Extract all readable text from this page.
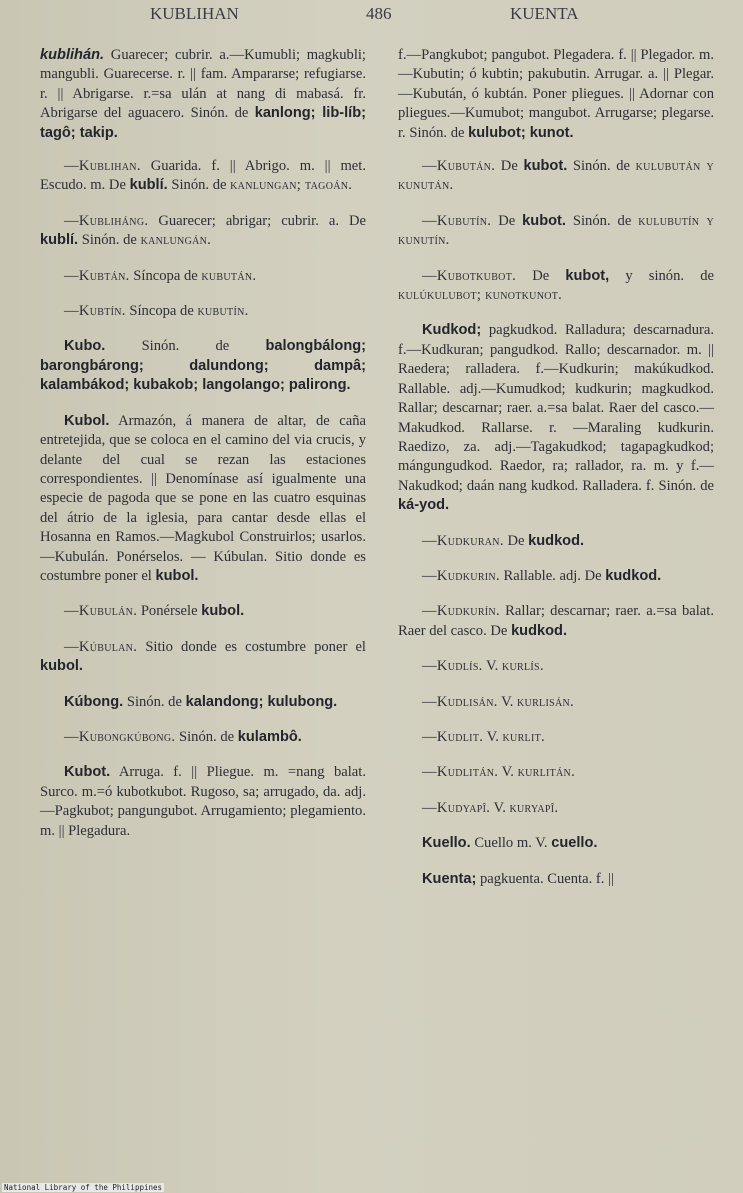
KUBLIHAN	486	KUENTA
kublihán. Guarecer; cubrir. a.—Kumubli; magkubli; mangubli. Guarecerse. r. || fam. Ampararse; refugiarse. r. || Abrigarse. r.=sa ulán at nang di mabasá. fr. Abrigarse del aguacero. Sinón. de kanlong; lib-líb; tagô; takip.
—Kublihan. Guarida. f. || Abrigo. m. || met. Escudo. m. De kublí. Sinón. de kanlungan; tagoán.
—Kubliháng. Guarecer; abrigar; cubrir. a. De kublí. Sinón. de kanlungán.
—Kubtán. Síncopa de kubután.
—Kubtín. Síncopa de kubutín.
Kubo. Sinón. de balongbálong; barongbárong; dalundong; dampâ; kalambákod; kubakob; langolango; palirong.
Kubol. Armazón, á manera de altar, de caña entretejida, que se coloca en el camino del via crucis, y delante del cual se rezan las estaciones correspondientes. || Denomínase así igualmente una especie de pagoda que se pone en las cuatro esquinas del átrio de la iglesia, para cantar desde ellas el Hosanna en Ramos.—Magkubol Construirlos; usarlos.—Kubulán. Ponérselos. — Kúbulan. Sitio donde es costumbre poner el kubol.
—Kubulán. Ponérsele kubol.
—Kúbulan. Sitio donde es costumbre poner el kubol.
Kúbong. Sinón. de kalandong; kulubong.
—Kubongkúbong. Sinón. de kulambô.
Kubot. Arruga. f. || Pliegue. m. =nang balat. Surco. m.=ó kubotkubot. Rugoso, sa; arrugado, da. adj. —Pagkubot; pangungubot. Arrugamiento; plegamiento. m. || Plegadura.
f.—Pangkubot; pangubot. Plegadera. f. || Plegador. m.—Kubutin; ó kubtin; pakubutin. Arrugar. a. || Plegar.—Kubután, ó kubtán. Poner pliegues. || Adornar con pliegues.—Kumubot; mangubot. Arrugarse; plegarse. r. Sinón. de kulubot; kunot.
—Kubután. De kubot. Sinón. de kulubután y kunután.
—Kubutín. De kubot. Sinón. de kulubutín y kunutín.
—Kubotkubot. De kubot, y sinón. de kulúkulubot; kunotkunot.
Kudkod; pagkudkod. Ralladura; descarnadura. f.—Kudkuran; pangudkod. Rallo; descarnador. m. || Raedera; ralladera. f.—Kudkurin; makúkudkod. Rallable. adj.—Kumudkod; kudkurin; magkudkod. Rallar; descarnar; raer. a.=sa balat. Raer del casco.—Makudkod. Rallarse. r. —Maraling kudkurin. Raedizo, za. adj.—Tagakudkod; tagapagkudkod; mángungudkod. Raedor, ra; rallador, ra. m. y f.—Nakudkod; daán nang kudkod. Ralladera. f. Sinón. de ká-yod.
—Kudkuran. De kudkod.
—Kudkurin. Rallable. adj. De kudkod.
—Kudkurín. Rallar; descarnar; raer. a.=sa balat. Raer del casco. De kudkod.
—Kudlís. V. kurlís.
—Kudlisán. V. kurlisán.
—Kudlit. V. kurlit.
—Kudlitán. V. kurlitán.
—Kudyapî. V. kuryapî.
Kuello. Cuello m. V. cuello.
Kuenta; pagkuenta. Cuenta. f. ||
National Library of the Philippines
